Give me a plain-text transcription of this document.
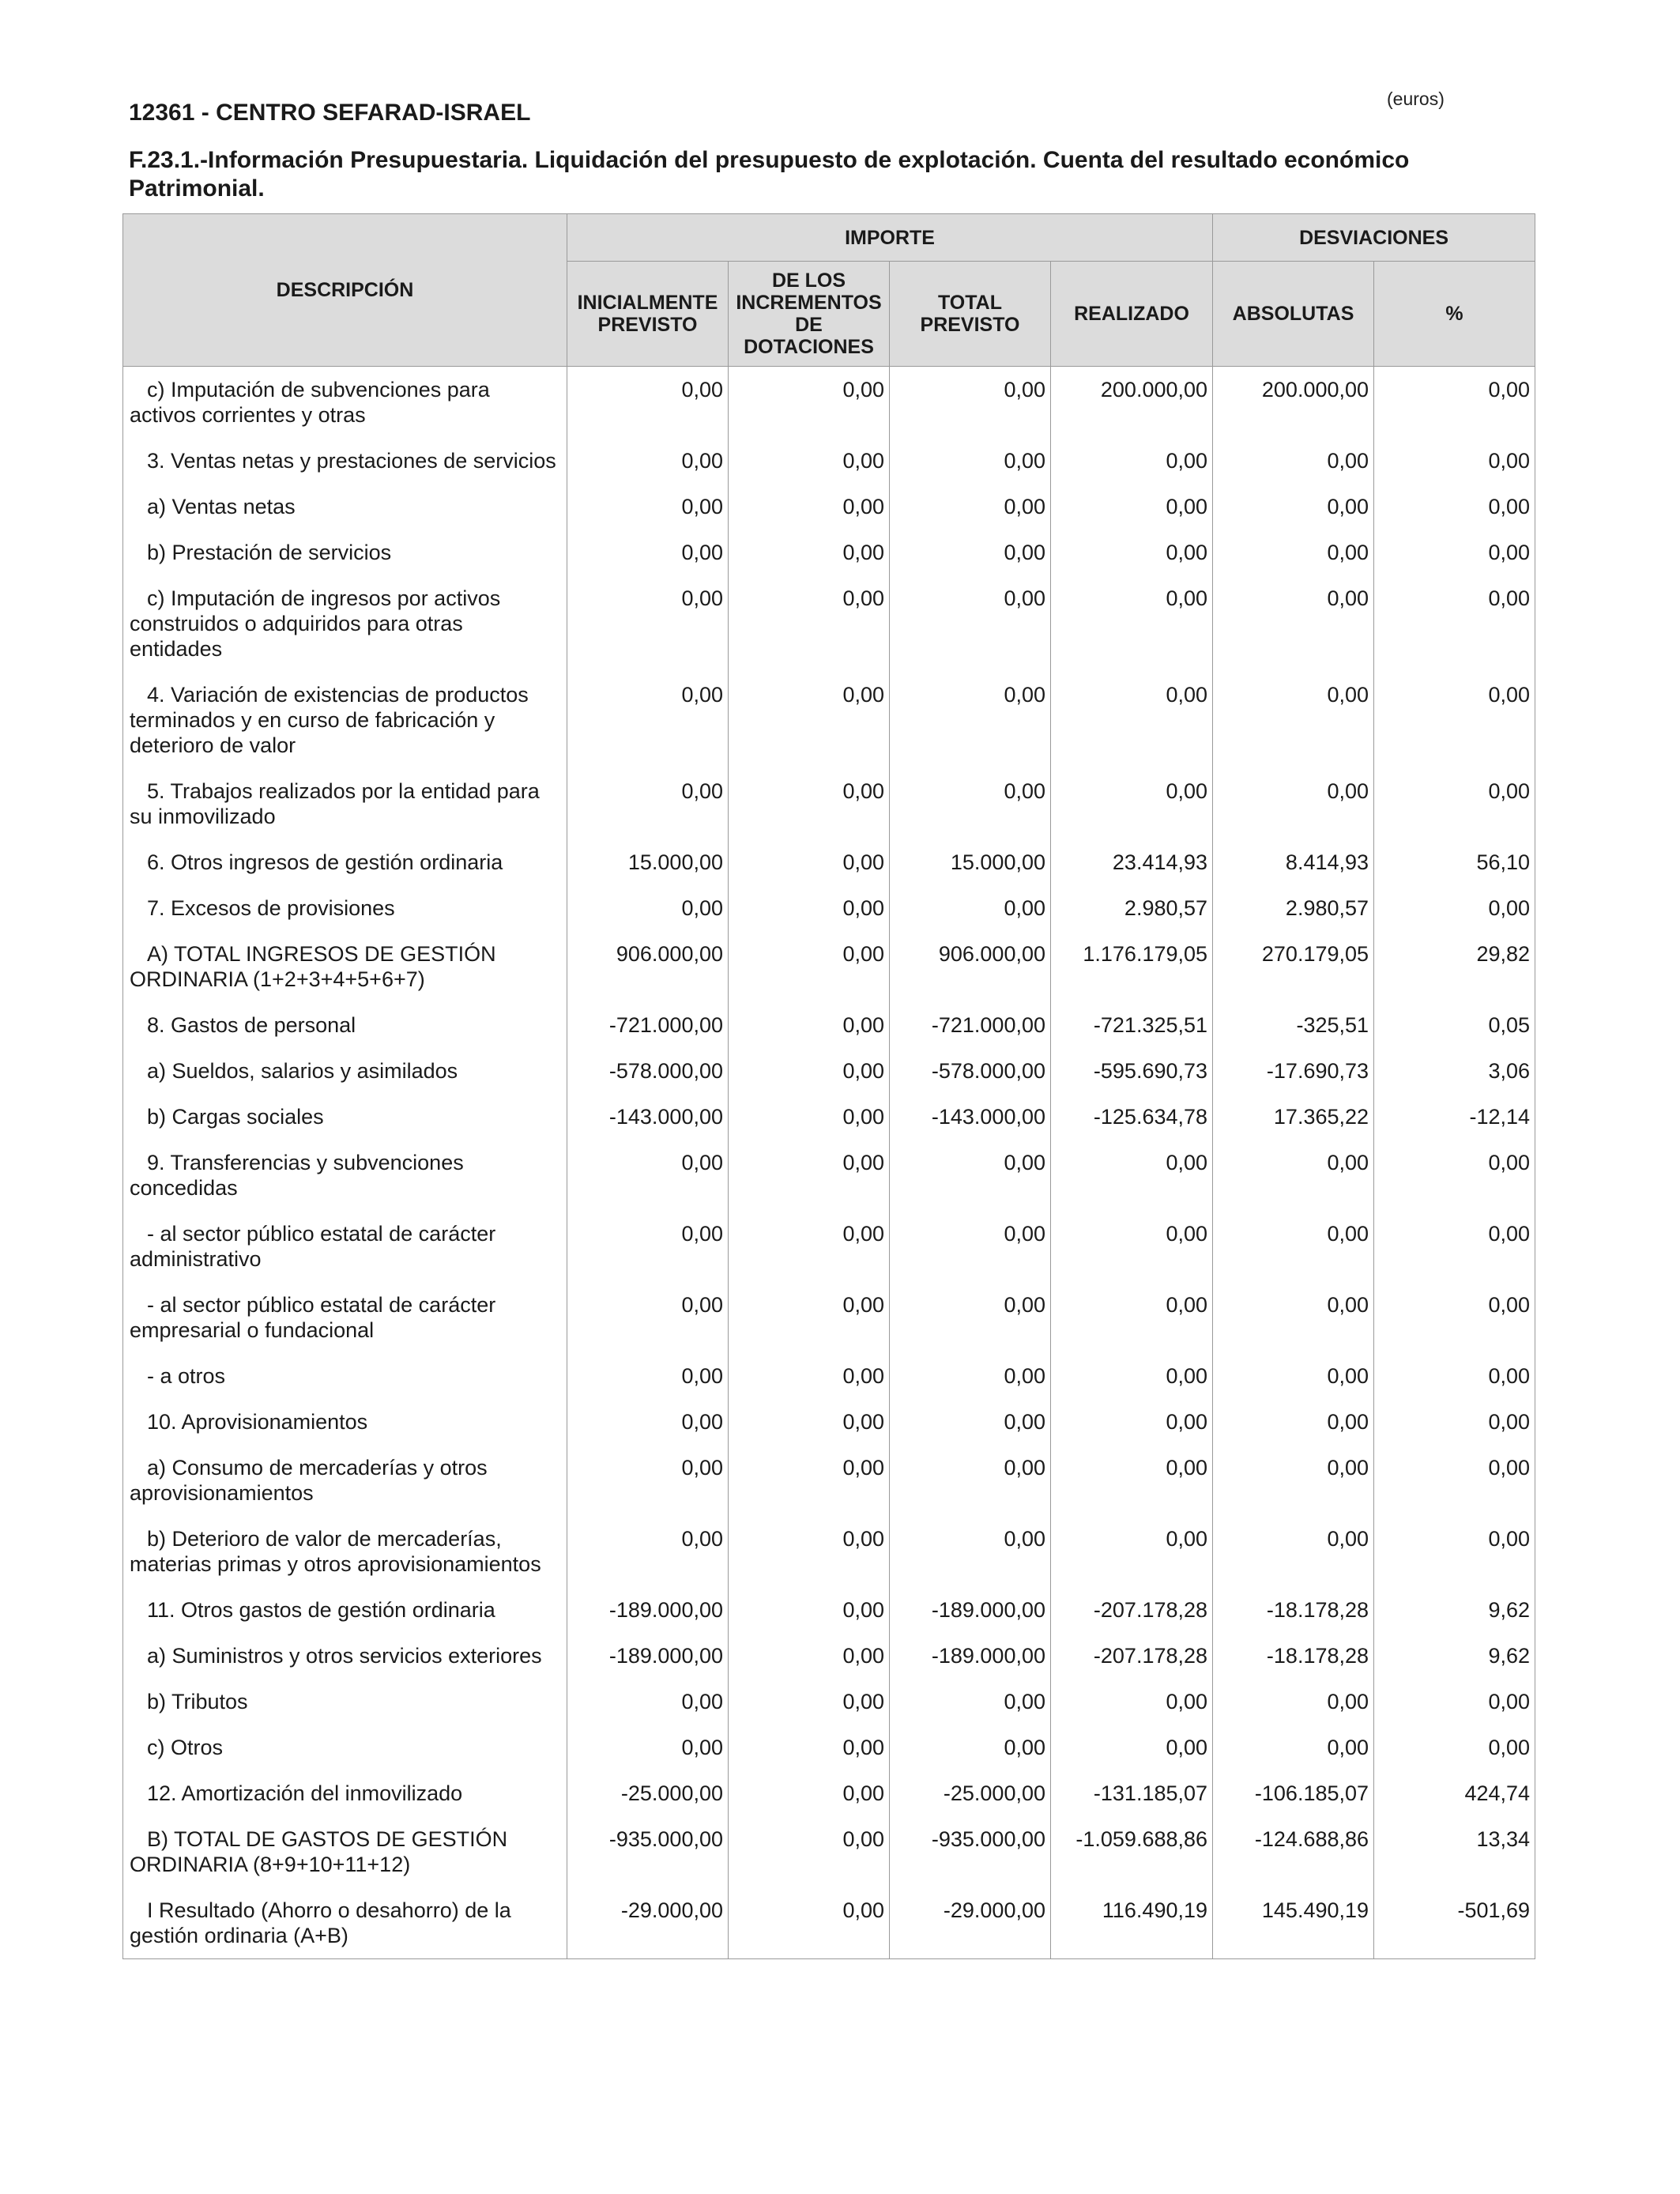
(euros)
12361 - CENTRO SEFARAD-ISRAEL
F.23.1.-Información Presupuestaria. Liquidación del presupuesto de explotación. Cuenta del resultado económico Patrimonial.
DESCRIPCIÓN	IMPORTE				DESVIACIONES	
	INICIALMENTE PREVISTO	DE LOS INCREMENTOS DE DOTACIONES	TOTAL PREVISTO	REALIZADO	ABSOLUTAS	%
c) Imputación de subvenciones para activos corrientes y otras	0,00	0,00	0,00	200.000,00	200.000,00	0,00
3. Ventas netas y prestaciones de servicios	0,00	0,00	0,00	0,00	0,00	0,00
a) Ventas netas	0,00	0,00	0,00	0,00	0,00	0,00
b) Prestación de servicios	0,00	0,00	0,00	0,00	0,00	0,00
c) Imputación de ingresos por activos construidos o adquiridos para otras entidades	0,00	0,00	0,00	0,00	0,00	0,00
4. Variación de existencias de productos terminados y en curso de fabricación y deterioro de valor	0,00	0,00	0,00	0,00	0,00	0,00
5. Trabajos realizados por la entidad para su inmovilizado	0,00	0,00	0,00	0,00	0,00	0,00
6. Otros ingresos de gestión ordinaria	15.000,00	0,00	15.000,00	23.414,93	8.414,93	56,10
7. Excesos de provisiones	0,00	0,00	0,00	2.980,57	2.980,57	0,00
A) TOTAL INGRESOS DE GESTIÓN ORDINARIA (1+2+3+4+5+6+7)	906.000,00	0,00	906.000,00	1.176.179,05	270.179,05	29,82
8. Gastos de personal	-721.000,00	0,00	-721.000,00	-721.325,51	-325,51	0,05
a) Sueldos, salarios y asimilados	-578.000,00	0,00	-578.000,00	-595.690,73	-17.690,73	3,06
b) Cargas sociales	-143.000,00	0,00	-143.000,00	-125.634,78	17.365,22	-12,14
9. Transferencias y subvenciones concedidas	0,00	0,00	0,00	0,00	0,00	0,00
- al sector público estatal de carácter administrativo	0,00	0,00	0,00	0,00	0,00	0,00
- al sector público estatal de carácter empresarial o fundacional	0,00	0,00	0,00	0,00	0,00	0,00
- a otros	0,00	0,00	0,00	0,00	0,00	0,00
10. Aprovisionamientos	0,00	0,00	0,00	0,00	0,00	0,00
a) Consumo de mercaderías y otros aprovisionamientos	0,00	0,00	0,00	0,00	0,00	0,00
b) Deterioro de valor de mercaderías, materias primas y otros aprovisionamientos	0,00	0,00	0,00	0,00	0,00	0,00
11. Otros gastos de gestión ordinaria	-189.000,00	0,00	-189.000,00	-207.178,28	-18.178,28	9,62
a) Suministros y otros servicios exteriores	-189.000,00	0,00	-189.000,00	-207.178,28	-18.178,28	9,62
b) Tributos	0,00	0,00	0,00	0,00	0,00	0,00
c) Otros	0,00	0,00	0,00	0,00	0,00	0,00
12. Amortización del inmovilizado	-25.000,00	0,00	-25.000,00	-131.185,07	-106.185,07	424,74
B) TOTAL DE GASTOS DE GESTIÓN ORDINARIA (8+9+10+11+12)	-935.000,00	0,00	-935.000,00	-1.059.688,86	-124.688,86	13,34
I Resultado (Ahorro o desahorro) de la gestión ordinaria (A+B)	-29.000,00	0,00	-29.000,00	116.490,19	145.490,19	-501,69
